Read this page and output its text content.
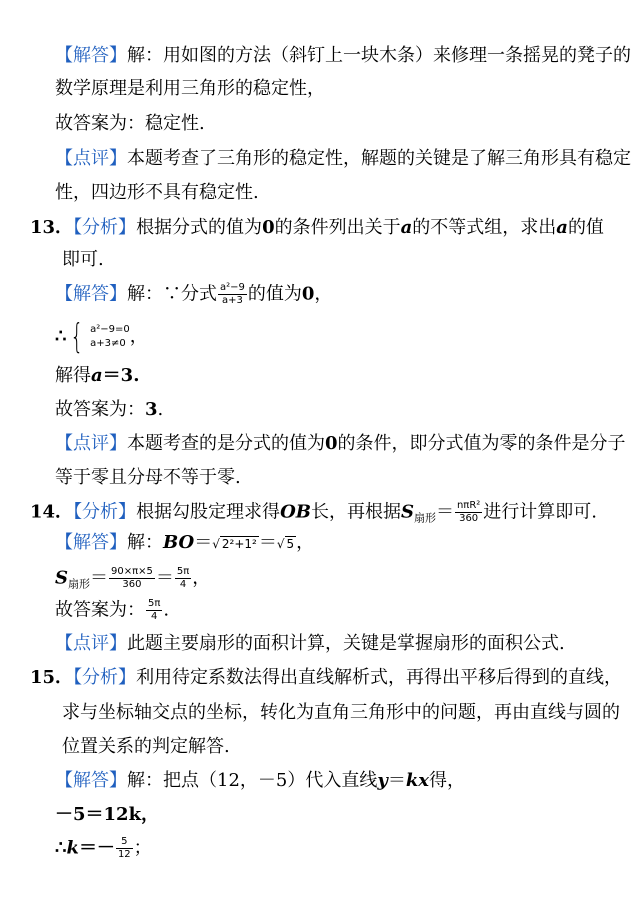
【解答】解：用如图的方法（斜钉上一块木条）来修理一条摇晃的凳子的
数学原理是利用三角形的稳定性，
故答案为：稳定性.
【点评】本题考查了三角形的稳定性，解题的关键是了解三角形具有稳定
性，四边形不具有稳定性.
13．【分析】根据分式的值为0的条件列出关于a的不等式组，求出a的值
即可.
【解答】解：∵分式 $\frac{\text{a²−9}}{a+3}$ 的值为0，
∴ { a²−9=0
a+3≠0 ，
解得a＝3.
故答案为：3.
【点评】本题考查的是分式的值为0的条件，即分式值为零的条件是分子
等于零且分母不等于零.
14．【分析】根据勾股定理求得OB长，再根据$S_{扇形}= \frac{\text{nπR²}}{360}$ 进行计算即可.
【解答】解：BO＝√ 2²+1² ＝√ 5 ，
$S_{扇形}= \frac{90\times\pi\times 5}{360} = \frac{5\pi}{4}$ ，
故答案为： $\frac{5\pi}{4}$ .
【点评】此题主要扇形的面积计算，关键是掌握扇形的面积公式.
15．【分析】利用待定系数法得出直线解析式，再得出平移后得到的直线，
求与坐标轴交点的坐标，转化为直角三角形中的问题，再由直线与圆的
位置关系的判定解答.
【解答】解：把点（12，－5）代入直线y＝kx得，
－5＝12k，
∴k＝－ $\frac{5}{12}$ ；
